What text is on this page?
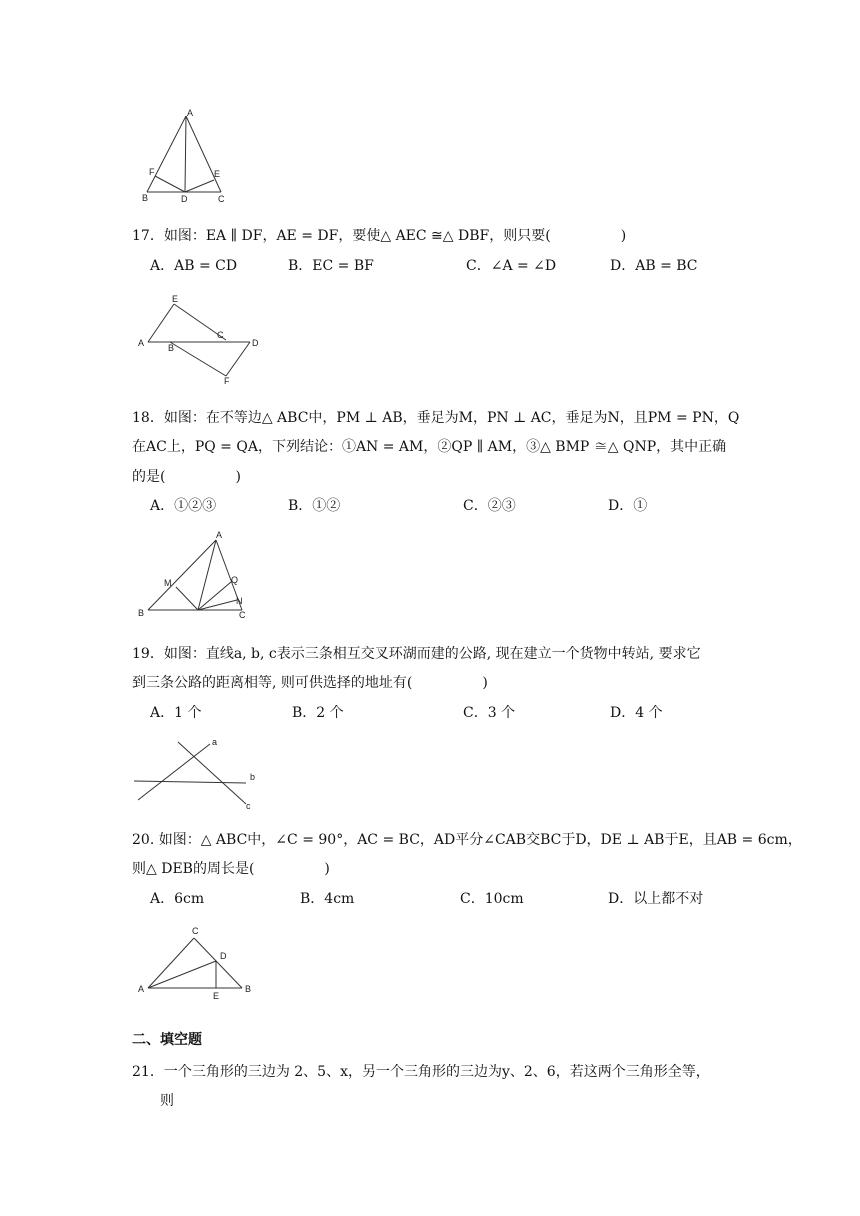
A
F	E
B	D	C
17．如图：EA ∥ DF，AE = DF，要使△ AEC ≅△ DBF，则只要(　　　　　)
A．AB = CD	B．EC = BF	C．∠A = ∠D	D．AB = BC
E
C
A	B	D
F
18．如图：在不等边△ ABC中，PM ⊥ AB，垂足为M，PN ⊥ AC，垂足为N，且PM = PN，Q
在AC上，PQ = QA，下列结论：①AN = AM，②QP ∥ AM，③△ BMP ≅△ QNP，其中正确
的是(　　　　　)
A．①②③	B．①②	C．②③	D．①
A
M	Q
N
B	C
19．如图：直线a, b, c表示三条相互交叉环湖而建的公路, 现在建立一个货物中转站, 要求它
到三条公路的距离相等, 则可供选择的地址有(　　　　　)
A．1 个	B．2 个	C．3 个	D．4 个
a
b
c
20. 如图：△ ABC中，∠C = 90°，AC = BC，AD平分∠CAB交BC于D，DE ⊥ AB于E，且AB = 6cm，
则△ DEB的周长是(　　　　　)
A．6cm	B．4cm	C．10cm	D．以上都不对
C
D
A
E
B
二、填空题
21．一个三角形的三边为 2、5、x，另一个三角形的三边为y、2、6，若这两个三角形全等，
　　则
